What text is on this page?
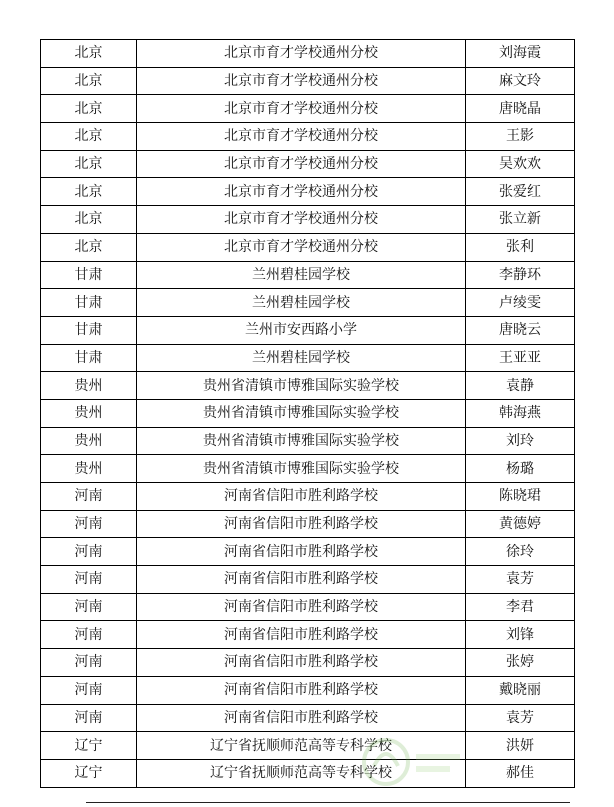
北京	北京市育才学校通州分校	刘海霞
北京	北京市育才学校通州分校	麻文玲
北京	北京市育才学校通州分校	唐晓晶
北京	北京市育才学校通州分校	王影
北京	北京市育才学校通州分校	吴欢欢
北京	北京市育才学校通州分校	张爱红
北京	北京市育才学校通州分校	张立新
北京	北京市育才学校通州分校	张利
甘肃	兰州碧桂园学校	李静环
甘肃	兰州碧桂园学校	卢绫雯
甘肃	兰州市安西路小学	唐晓云
甘肃	兰州碧桂园学校	王亚亚
贵州	贵州省清镇市博雅国际实验学校	袁静
贵州	贵州省清镇市博雅国际实验学校	韩海燕
贵州	贵州省清镇市博雅国际实验学校	刘玲
贵州	贵州省清镇市博雅国际实验学校	杨璐
河南	河南省信阳市胜利路学校	陈晓珺
河南	河南省信阳市胜利路学校	黄德婷
河南	河南省信阳市胜利路学校	徐玲
河南	河南省信阳市胜利路学校	袁芳
河南	河南省信阳市胜利路学校	李君
河南	河南省信阳市胜利路学校	刘锋
河南	河南省信阳市胜利路学校	张婷
河南	河南省信阳市胜利路学校	戴晓丽
河南	河南省信阳市胜利路学校	袁芳
辽宁	辽宁省抚顺师范高等专科学校	洪妍
辽宁	辽宁省抚顺师范高等专科学校	郝佳
